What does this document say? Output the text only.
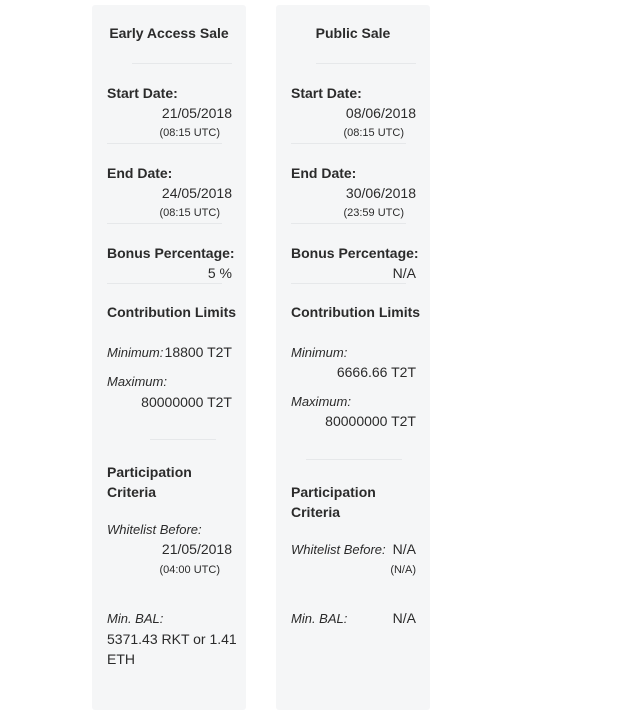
Early Access Sale
Start Date:
21/05/2018
(08:15 UTC)
End Date:
24/05/2018
(08:15 UTC)
Bonus Percentage:
5 %
Contribution Limits
Minimum: 18800 T2T
Maximum:
80000000 T2T
Participation Criteria
Whitelist Before:
21/05/2018
(04:00 UTC)
Min. BAL:
5371.43 RKT or 1.41 ETH
Public Sale
Start Date:
08/06/2018
(08:15 UTC)
End Date:
30/06/2018
(23:59 UTC)
Bonus Percentage:
N/A
Contribution Limits
Minimum:
6666.66 T2T
Maximum:
80000000 T2T
Participation Criteria
Whitelist Before: N/A
(N/A)
Min. BAL:	N/A
